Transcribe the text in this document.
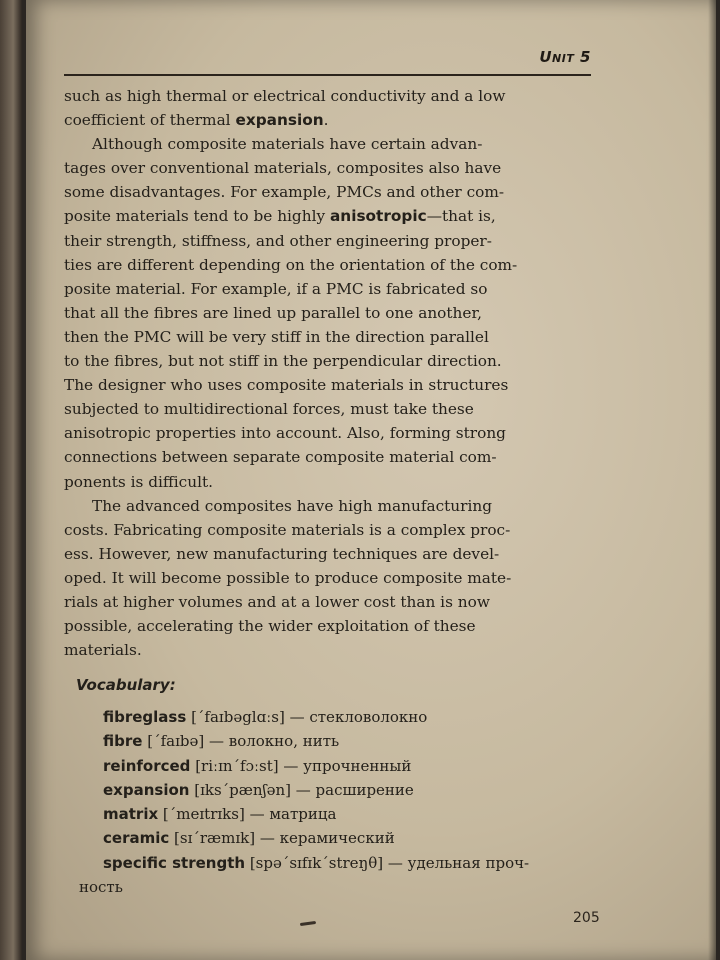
Unit 5
such as high thermal or electrical conductivity and a low
coefficient of thermal expansion.
Although composite materials have certain advan-
tages over conventional materials, composites also have
some disadvantages. For example, PMCs and other com-
posite materials tend to be highly anisotropic—that is,
their strength, stiffness, and other engineering proper-
ties are different depending on the orientation of the com-
posite material. For example, if a PMC is fabricated so
that all the fibres are lined up parallel to one another,
then the PMC will be very stiff in the direction parallel
to the fibres, but not stiff in the perpendicular direction.
The designer who uses composite materials in structures
subjected to multidirectional forces, must take these
anisotropic properties into account. Also, forming strong
connections between separate composite material com-
ponents is difficult.
The advanced composites have high manufacturing
costs. Fabricating composite materials is a complex proc-
ess. However, new manufacturing techniques are devel-
oped. It will become possible to produce composite mate-
rials at higher volumes and at a lower cost than is now
possible, accelerating the wider exploitation of these
materials.
Vocabulary:
fibreglass [ˊfaɪbəglɑːs] — стекловолокно
fibre [ˊfaɪbə] — волокно, нить
reinforced [riːɪnˊfɔːst] — упрочненный
expansion [ɪksˊpænʃən] — расширение
matrix [ˊmeɪtrɪks] — матрица
ceramic [sɪˊræmɪk] — керамический
specific strength [spəˊsɪfɪkˊstreŋθ] — удельная проч-
ность
205
